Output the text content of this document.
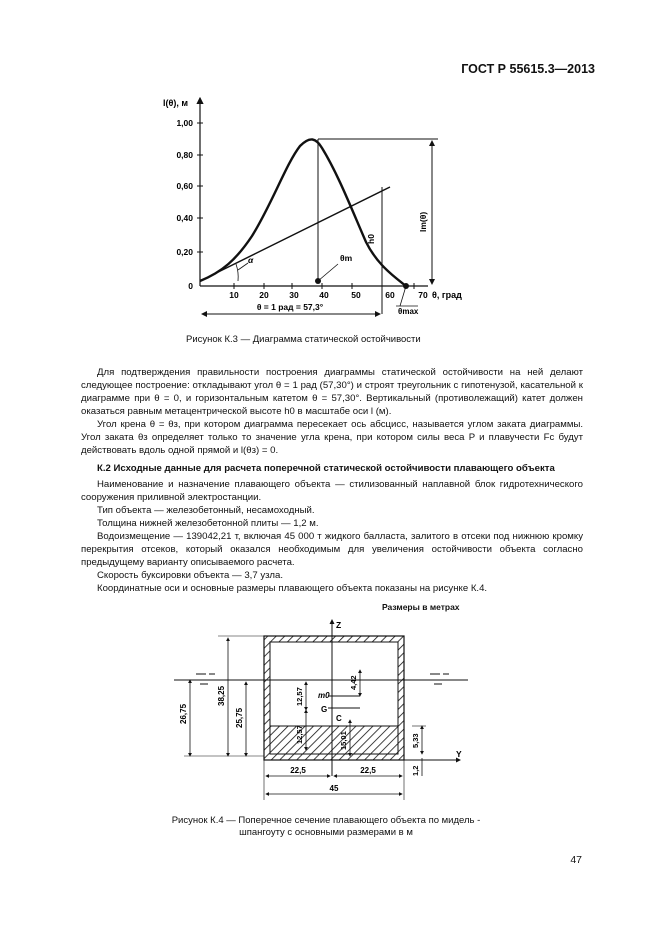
ГОСТ Р 55615.3—2013
1,00
0,80
0,60
0,40
0,20
0
10 20 30 40	50	60	70
l(θ), м
θ, град
θm
h0
lm(θ)
θmax
α
θ = 1 рад = 57,3°
Рисунок К.3 — Диаграмма статической остойчивости

Для подтверждения правильности построения диаграммы статической остойчивости на ней делают следующее построение: откладывают угол θ = 1 рад (57,30°) и строят треугольник с гипотенузой, касательной к диаграмме при θ = 0, и горизонтальным катетом θ = 57,30°. Вертикальный (противолежащий) катет должен оказаться равным метацентрической высоте h0 в масштабе оси l (м).

Угол крена θ = θз, при котором диаграмма пересекает ось абсцисс, называется углом заката диаграммы. Угол заката θз определяет только то значение угла крена, при котором силы веса P и плавучести Fc будут действовать вдоль одной прямой и l(θз) = 0.

К.2 Исходные данные для расчета поперечной статической остойчивости плавающего объекта

Наименование и назначение плавающего объекта — стилизованный наплавной блок гидротехнического сооружения приливной электростанции.

Тип объекта — железобетонный, несамоходный.

Толщина нижней железобетонной плиты — 1,2 м.

Водоизмещение — 139042,21 т, включая 45 000 т жидкого балласта, залитого в отсеки под нижнюю кромку перекрытия отсеков, который оказался необходимым для увеличения остойчивости объекта согласно предыдущему варианту описываемого расчета.

Скорость буксировки объекта — 3,7 узла.

Координатные оси и основные размеры плавающего объекта показаны на рисунке К.4.

Размеры в метрах
Z
Y
m0
G
C
26,75
38,25
25,75
12,57
12,57
4,42
15,01	5,33
1,2
22,5	22,5
45
Рисунок К.4 — Поперечное сечение плавающего объекта по мидель -
шпангоуту с основными размерами в м
47
